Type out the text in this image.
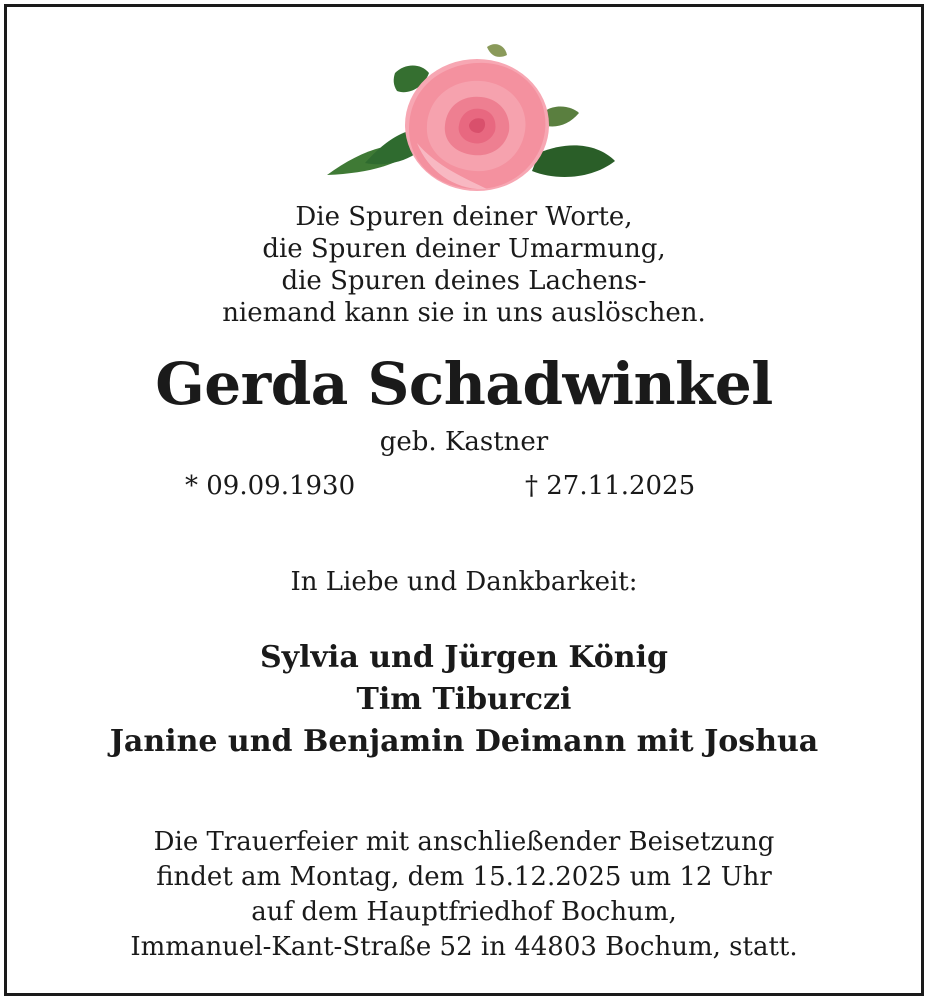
Die Spuren deiner Worte,
die Spuren deiner Umarmung,
die Spuren deines Lachens-
niemand kann sie in uns auslöschen.
Gerda Schadwinkel
geb. Kastner
* 09.09.1930	† 27.11.2025
In Liebe und Dankbarkeit:
Sylvia und Jürgen König
Tim Tiburczi
Janine und Benjamin Deimann mit Joshua
Die Trauerfeier mit anschließender Beisetzung
findet am Montag, dem 15.12.2025 um 12 Uhr
auf dem Hauptfriedhof Bochum,
Immanuel-Kant-Straße 52 in 44803 Bochum, statt.
